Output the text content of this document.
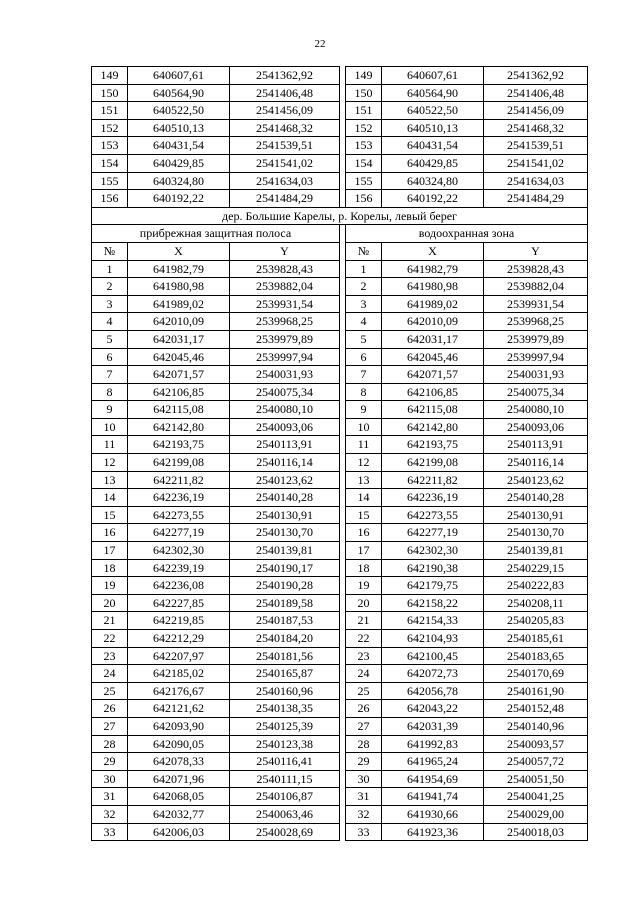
22
149	640607,61	2541362,92		149	640607,61	2541362,92
150	640564,90	2541406,48		150	640564,90	2541406,48
151	640522,50	2541456,09		151	640522,50	2541456,09
152	640510,13	2541468,32		152	640510,13	2541468,32
153	640431,54	2541539,51		153	640431,54	2541539,51
154	640429,85	2541541,02		154	640429,85	2541541,02
155	640324,80	2541634,03		155	640324,80	2541634,03
156	640192,22	2541484,29		156	640192,22	2541484,29
дер. Большие Карелы, р. Корелы, левый берег						
прибрежная защитная полоса				водоохранная зона		
№	X	Y		№	X	Y
1	641982,79	2539828,43		1	641982,79	2539828,43
2	641980,98	2539882,04		2	641980,98	2539882,04
3	641989,02	2539931,54		3	641989,02	2539931,54
4	642010,09	2539968,25		4	642010,09	2539968,25
5	642031,17	2539979,89		5	642031,17	2539979,89
6	642045,46	2539997,94		6	642045,46	2539997,94
7	642071,57	2540031,93		7	642071,57	2540031,93
8	642106,85	2540075,34		8	642106,85	2540075,34
9	642115,08	2540080,10		9	642115,08	2540080,10
10	642142,80	2540093,06		10	642142,80	2540093,06
11	642193,75	2540113,91		11	642193,75	2540113,91
12	642199,08	2540116,14		12	642199,08	2540116,14
13	642211,82	2540123,62		13	642211,82	2540123,62
14	642236,19	2540140,28		14	642236,19	2540140,28
15	642273,55	2540130,91		15	642273,55	2540130,91
16	642277,19	2540130,70		16	642277,19	2540130,70
17	642302,30	2540139,81		17	642302,30	2540139,81
18	642239,19	2540190,17		18	642190,38	2540229,15
19	642236,08	2540190,28		19	642179,75	2540222,83
20	642227,85	2540189,58		20	642158,22	2540208,11
21	642219,85	2540187,53		21	642154,33	2540205,83
22	642212,29	2540184,20		22	642104,93	2540185,61
23	642207,97	2540181,56		23	642100,45	2540183,65
24	642185,02	2540165,87		24	642072,73	2540170,69
25	642176,67	2540160,96		25	642056,78	2540161,90
26	642121,62	2540138,35		26	642043,22	2540152,48
27	642093,90	2540125,39		27	642031,39	2540140,96
28	642090,05	2540123,38		28	641992,83	2540093,57
29	642078,33	2540116,41		29	641965,24	2540057,72
30	642071,96	2540111,15		30	641954,69	2540051,50
31	642068,05	2540106,87		31	641941,74	2540041,25
32	642032,77	2540063,46		32	641930,66	2540029,00
33	642006,03	2540028,69		33	641923,36	2540018,03
